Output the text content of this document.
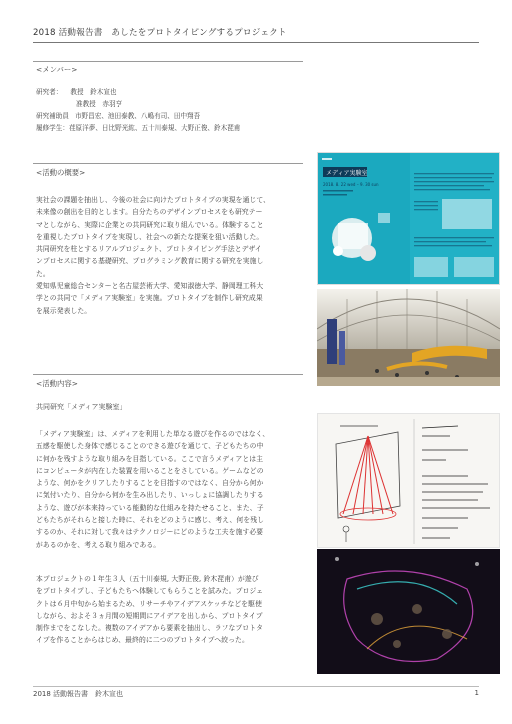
2018 活動報告書　あしたをプロトタイピングするプロジェクト
<メンバー>
研究者： 教授　鈴木宣也
准教授　赤羽亨
研究補助員 市野昌宏、池田泰教、八嶋有司、田中翔吾
履修学生：荏原洋夢、日比野光紘、五十川泰規、大野正俊、鈴木琵甫
<活動の概要>
実社会の課題を抽出し、今後の社会に向けたプロトタイプの実現を通じて、
未来像の創出を目的とします。自分たちのデザインプロセスをも研究テー
マとしながら、実際に企業との共同研究に取り組んでいる。体験すること
を重視したプロトタイプを実現し、社会への新たな提案を狙い活動した。
共同研究を柱とするリアルプロジェクト、プロトタイピング手法とデザイ
ンプロセスに関する基礎研究、プログラミング教育に関する研究を実施し
た。
愛知県児童総合センターと名古屋芸術大学、愛知淑徳大学、静岡理工科大
学との共同で「メディア実験室」を実施。プロトタイプを制作し研究成果
を展示発表した。
<活動内容>
共同研究「メディア実験室」
「メディア実験室」は、メディアを利用した単なる遊びを作るのではなく、
五感を駆使した身体で感じることのできる遊びを通じて、子どもたちの中
に何かを残すような取り組みを目指している。ここで言うメディアとは主
にコンピュータが内在した装置を用いることをさしている。ゲームなどの
ような、何かをクリアしたりすることを目指すのではなく、自分から何か
に気付いたり、自分から何かを生み出したり、いっしょに協調したりする
ような、遊びが本来持っている能動的な仕組みを持たせること、また、子
どもたちがそれらと接した時に、それをどのように感じ、考え、何を残し
するのか、それに対して我々はテクノロジーにどのような工夫を施す必要
があるのかを、考える取り組みである。
本プロジェクトの１年生３人（五十川泰規, 大野正俊, 鈴木琵甫）が遊び
をプロトタイプし、子どもたちへ体験してもらうことを試みた。プロジェ
クトは６月中旬から始まるため、リサーチやアイデアスケッチなどを駆使
しながら、およそ３ヵ月間の短期間にアイデアを出しから、プロトタイプ
制作までをこなした。複数のアイデアから要素を抽出し、ラフなプロトタ
イプを作ることからはじめ、最終的に二つのプロトタイプへ絞った。
メディア実験室
2018. 8. 22 wed – 9. 30 sun
2018 活動報告書　鈴木宣也	1
